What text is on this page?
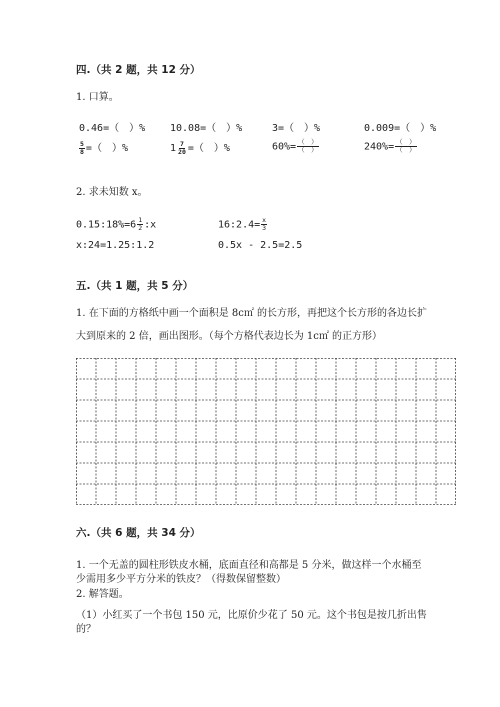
四.（共 2 题，共 12 分）
1. 口算。
0.46=（　）% 10.08=（　）%	3=（　）%	0.009=（　）%
$\frac{5}{8}$ =（　）%	$1 \frac{7}{20}$ =（　）%	$60\%= \frac{( )}{( )}$	$240\%= \frac{( )}{( )}$
2. 求未知数 x。
0.15:18%=6 $\frac{1}{2}$ :x	16:2.4= $\frac{x}{3}$
x:24=1.25:1.2	0.5x - 2.5=2.5
五.（共 1 题，共 5 分）
1. 在下面的方格纸中画一个面积是 8c㎡ 的长方形，再把这个长方形的各边长扩
大到原来的 2 倍，画出图形。（每个方格代表边长为 1c㎡ 的正方形）
六.（共 6 题，共 34 分）
1. 一个无盖的圆柱形铁皮水桶，底面直径和高都是 5 分米，做这样一个水桶至
少需用多少平方分米的铁皮？（得数保留整数）
2. 解答题。
（1）小红买了一个书包 150 元，比原价少花了 50 元。这个书包是按几折出售
的？
